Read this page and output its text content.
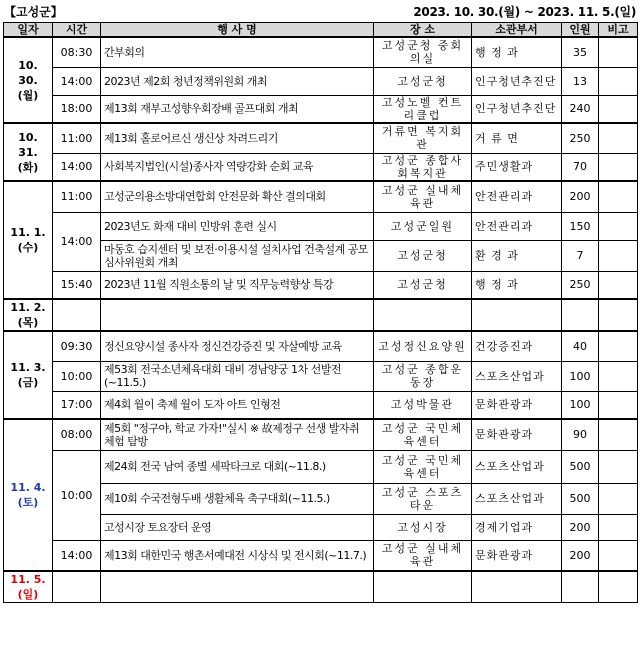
【고성군】	2023. 10. 30.(월) ~ 2023. 11. 5.(일)
일자	시간	행 사 명	장 소	소관부서	인원	비고

10. 30.
(월)	08:30	간부회의	고성군청 중회의실	행 정 과	35	
	14:00	2023년 제2회 청년정책위원회 개최	고성군청	인구청년추진단	13	
	18:00	제13회 재부고성향우회장배 골프대회 개최	고성노벨 컨트리클럽	인구청년추진단	240	

10. 31.
(화)	11:00	제13회 홀로어르신 생신상 차려드리기	거류면 복지회관	거 류 면	250	
	14:00	사회복지법인(시설)종사자 역량강화 순회 교육	고성군 종합사회복지관	주민생활과	70	

11. 1.
(수)	11:00	고성군의용소방대연합회 안전문화 확산 결의대회	고성군 실내체육관	안전관리과	200	
	14:00	2023년도 화재 대비 민방위 훈련 실시	고성군일원	안전관리과	150	
		마동호 습지센터 및 보전·이용시설 설치사업 건축설계 공모 심사위원회 개최	고성군청	환 경 과	7	
	15:40	2023년 11월 직원소통의 날 및 직무능력향상 특강	고성군청	행 정 과	250	

11. 2.
(목)						

11. 3.
(금)	09:30	정신요양시설 종사자 정신건강증진 및 자살예방 교육	고성정신요양원	건강증진과	40	
	10:00	제53회 전국소년체육대회 대비 경남양궁 1차 선발전(~11.5.)	고성군 종합운동장	스포츠산업과	100	
	17:00	제4회 월이 축제 월이 도자 아트 인형전	고성박물관	문화관광과	100	

11. 4.
(토)	08:00	제5회 "정구야, 학교 가자!"실시 ※ 故제정구 선생 발자취 체험 탐방	고성군 국민체육센터	문화관광과	90	
	10:00	제24회 전국 남여 종별 세팍타크로 대회(~11.8.)	고성군 국민체육센터	스포츠산업과	500	
		제10회 수국전형두배 생활체육 축구대회(~11.5.)	고성군 스포츠타운	스포츠산업과	500	
		고성시장 토요장터 운영	고성시장	경제기업과	200	
	14:00	제13회 대한민국 행촌서예대전 시상식 및 전시회(~11.7.)	고성군 실내체육관	문화관광과	200	

11. 5.
(일)						
